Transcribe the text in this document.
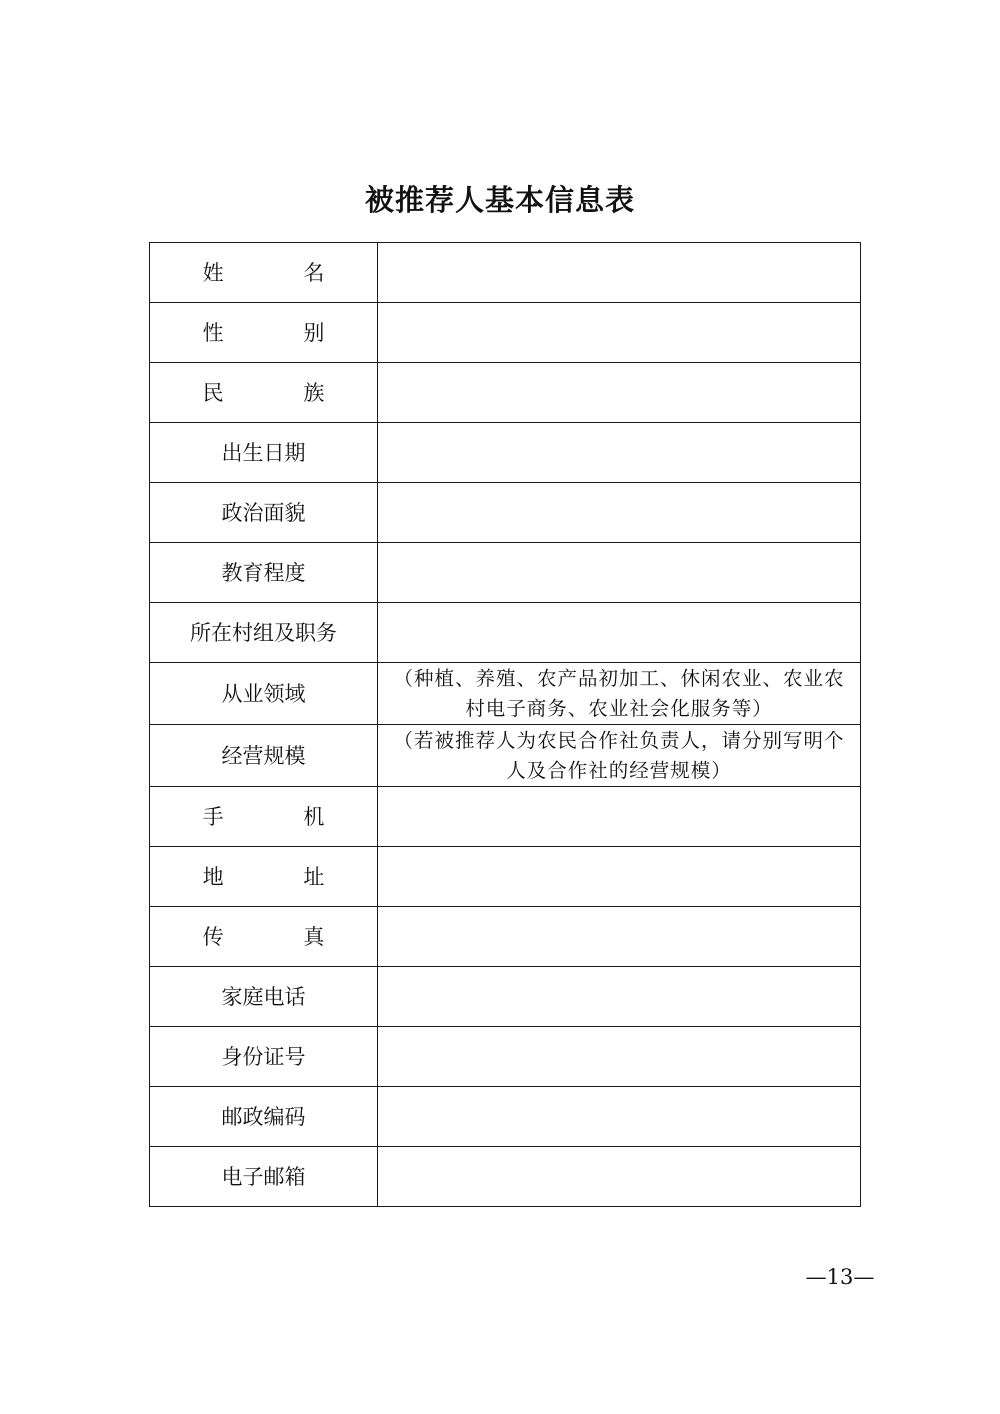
被推荐人基本信息表
姓　名	
性　别	
民　族	
出生日期	
政治面貌	
教育程度	
所在村组及职务	
从业领域	（种植、养殖、农产品初加工、休闲农业、农业农村电子商务、农业社会化服务等）
经营规模	（若被推荐人为农民合作社负责人，请分别写明个人及合作社的经营规模）
手　机	
地　址	
传　真	
家庭电话	
身份证号	
邮政编码	
电子邮箱	
—13—
